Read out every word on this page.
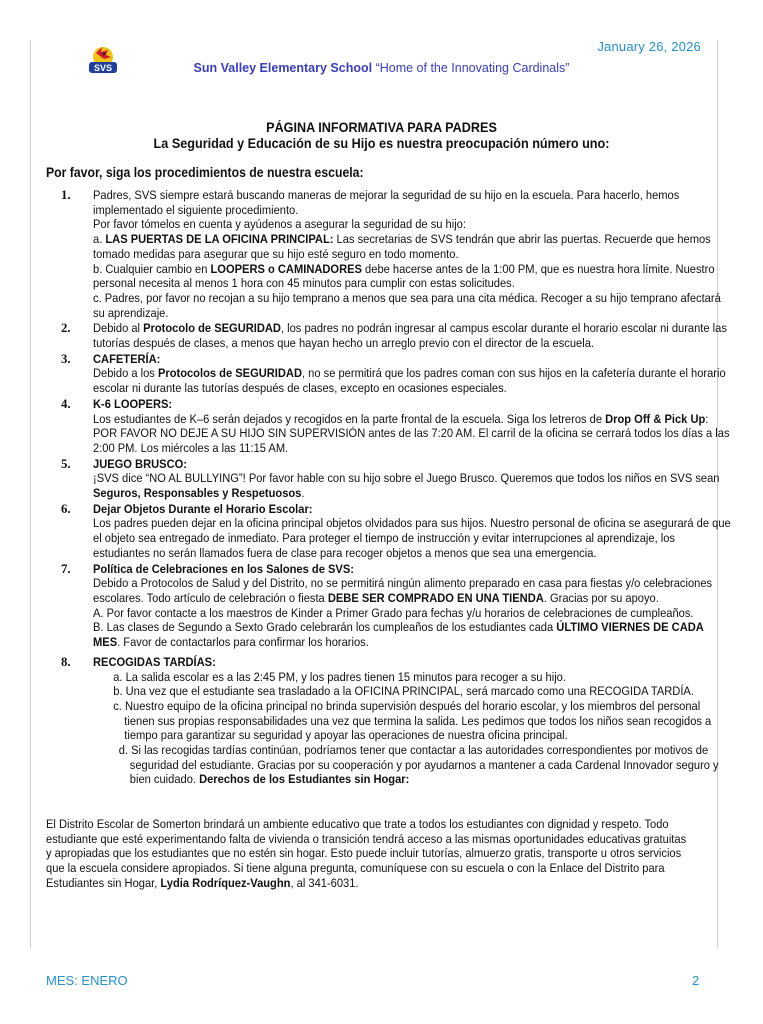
January 26, 2026
SVS	Sun Valley Elementary School “Home of the Innovating Cardinals”
PÁGINA INFORMATIVA PARA PADRES
La Seguridad y Educación de su Hijo es nuestra preocupación número uno:
Por favor, siga los procedimientos de nuestra escuela:
1. Padres, SVS siempre estará buscando maneras de mejorar la seguridad de su hijo en la escuela. Para hacerlo, hemos implementado el siguiente procedimiento.
Por favor tómelos en cuenta y ayúdenos a asegurar la seguridad de su hijo:
a. LAS PUERTAS DE LA OFICINA PRINCIPAL: Las secretarias de SVS tendrán que abrir las puertas. Recuerde que hemos tomado medidas para asegurar que su hijo esté seguro en todo momento.
b. Cualquier cambio en LOOPERS o CAMINADORES debe hacerse antes de la 1:00 PM, que es nuestra hora límite. Nuestro personal necesita al menos 1 hora con 45 minutos para cumplir con estas solicitudes.
c. Padres, por favor no recojan a su hijo temprano a menos que sea para una cita médica. Recoger a su hijo temprano afectará su aprendizaje.
2. Debido al Protocolo de SEGURIDAD, los padres no podrán ingresar al campus escolar durante el horario escolar ni durante las tutorías después de clases, a menos que hayan hecho un arreglo previo con el director de la escuela.
3. CAFETERÍA:
Debido a los Protocolos de SEGURIDAD, no se permitirá que los padres coman con sus hijos en la cafetería durante el horario escolar ni durante las tutorías después de clases, excepto en ocasiones especiales.
4. K-6 LOOPERS:
Los estudiantes de K–6 serán dejados y recogidos en la parte frontal de la escuela. Siga los letreros de Drop Off & Pick Up: POR FAVOR NO DEJE A SU HIJO SIN SUPERVISIÓN antes de las 7:20 AM. El carril de la oficina se cerrará todos los días a las 2:00 PM. Los miércoles a las 11:15 AM.
5. JUEGO BRUSCO:
¡SVS dice “NO AL BULLYING”! Por favor hable con su hijo sobre el Juego Brusco. Queremos que todos los niños en SVS sean Seguros, Responsables y Respetuosos.
6. Dejar Objetos Durante el Horario Escolar:
Los padres pueden dejar en la oficina principal objetos olvidados para sus hijos. Nuestro personal de oficina se asegurará de que el objeto sea entregado de inmediato. Para proteger el tiempo de instrucción y evitar interrupciones al aprendizaje, los estudiantes no serán llamados fuera de clase para recoger objetos a menos que sea una emergencia.
7. Política de Celebraciones en los Salones de SVS:
Debido a Protocolos de Salud y del Distrito, no se permitirá ningún alimento preparado en casa para fiestas y/o celebraciones escolares. Todo artículo de celebración o fiesta DEBE SER COMPRADO EN UNA TIENDA. Gracias por su apoyo.
A. Por favor contacte a los maestros de Kinder a Primer Grado para fechas y/u horarios de celebraciones de cumpleaños.
B. Las clases de Segundo a Sexto Grado celebrarán los cumpleaños de los estudiantes cada ÚLTIMO VIERNES DE CADA MES. Favor de contactarlos para confirmar los horarios.
8. RECOGIDAS TARDÍAS:
a. La salida escolar es a las 2:45 PM, y los padres tienen 15 minutos para recoger a su hijo.
b. Una vez que el estudiante sea trasladado a la OFICINA PRINCIPAL, será marcado como una RECOGIDA TARDÍA.
c. Nuestro equipo de la oficina principal no brinda supervisión después del horario escolar, y los miembros del personal tienen sus propias responsabilidades una vez que termina la salida. Les pedimos que todos los niños sean recogidos a tiempo para garantizar su seguridad y apoyar las operaciones de nuestra oficina principal.
d. Si las recogidas tardías continúan, podríamos tener que contactar a las autoridades correspondientes por motivos de seguridad del estudiante. Gracias por su cooperación y por ayudarnos a mantener a cada Cardenal Innovador seguro y bien cuidado. Derechos de los Estudiantes sin Hogar:
El Distrito Escolar de Somerton brindará un ambiente educativo que trate a todos los estudiantes con dignidad y respeto. Todo estudiante que esté experimentando falta de vivienda o transición tendrá acceso a las mismas oportunidades educativas gratuitas y apropiadas que los estudiantes que no estén sin hogar. Esto puede incluir tutorías, almuerzo gratis, transporte u otros servicios que la escuela considere apropiados. Si tiene alguna pregunta, comuníquese con su escuela o con la Enlace del Distrito para Estudiantes sin Hogar, Lydia Rodríquez-Vaughn, al 341-6031.
MES: ENERO	2
